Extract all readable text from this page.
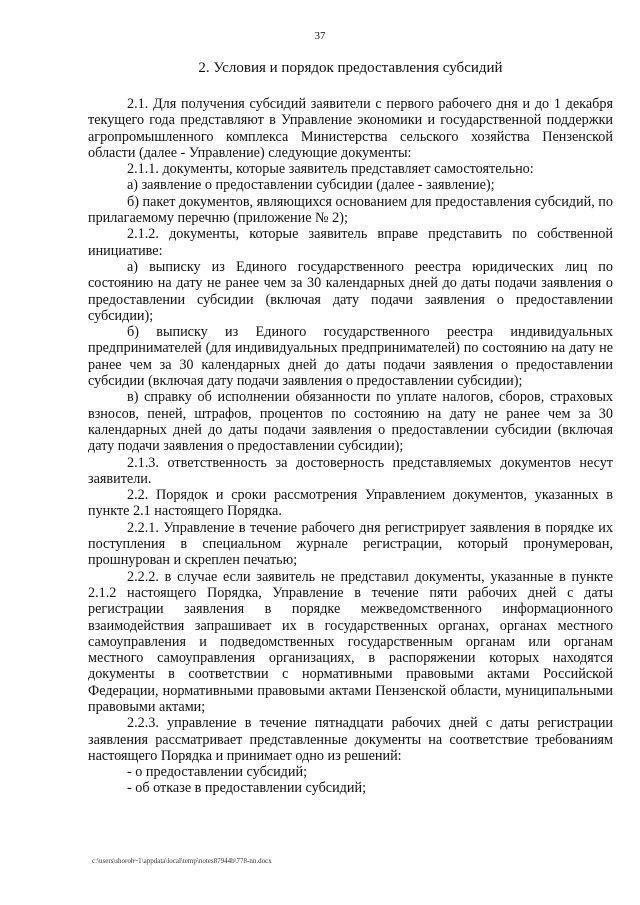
37
2. Условия и порядок предоставления субсидий

2.1. Для получения субсидий заявители с первого рабочего дня и до 1 декабря текущего года представляют в Управление экономики и государственной поддержки агропромышленного комплекса Министерства сельского хозяйства Пензенской области (далее - Управление) следующие документы:

2.1.1. документы, которые заявитель представляет самостоятельно:

а) заявление о предоставлении субсидии (далее - заявление);

б) пакет документов, являющихся основанием для предоставления субсидий, по прилагаемому перечню (приложение № 2);

2.1.2. документы, которые заявитель вправе представить по собственной инициативе:

а) выписку из Единого государственного реестра юридических лиц по состоянию на дату не ранее чем за 30 календарных дней до даты подачи заявления о предоставлении субсидии (включая дату подачи заявления о предоставлении субсидии);

б) выписку из Единого государственного реестра индивидуальных предпринимателей (для индивидуальных предпринимателей) по состоянию на дату не ранее чем за 30 календарных дней до даты подачи заявления о предоставлении субсидии (включая дату подачи заявления о предоставлении субсидии);

в) справку об исполнении обязанности по уплате налогов, сборов, страховых взносов, пеней, штрафов, процентов по состоянию на дату не ранее чем за 30 календарных дней до даты подачи заявления о предоставлении субсидии (включая дату подачи заявления о предоставлении субсидии);

2.1.3. ответственность за достоверность представляемых документов несут заявители.

2.2. Порядок и сроки рассмотрения Управлением документов, указанных в пункте 2.1 настоящего Порядка.

2.2.1. Управление в течение рабочего дня регистрирует заявления в порядке их поступления в специальном журнале регистрации, который пронумерован, прошнурован и скреплен печатью;

2.2.2. в случае если заявитель не представил документы, указанные в пункте 2.1.2 настоящего Порядка, Управление в течение пяти рабочих дней с даты регистрации заявления в порядке межведомственного информационного взаимодействия запрашивает их в государственных органах, органах местного самоуправления и подведомственных государственным органам или органам местного самоуправления организациях, в распоряжении которых находятся документы в соответствии с нормативными правовыми актами Российской Федерации, нормативными правовыми актами Пензенской области, муниципальными правовыми актами;

2.2.3. управление в течение пятнадцати рабочих дней с даты регистрации заявления рассматривает представленные документы на соответствие требованиям настоящего Порядка и принимает одно из решений:

- о предоставлении субсидий;

- об отказе в предоставлении субсидий;

c:\users\shoroh~1\appdata\local\temp\notes87944b\778-nn.docx
